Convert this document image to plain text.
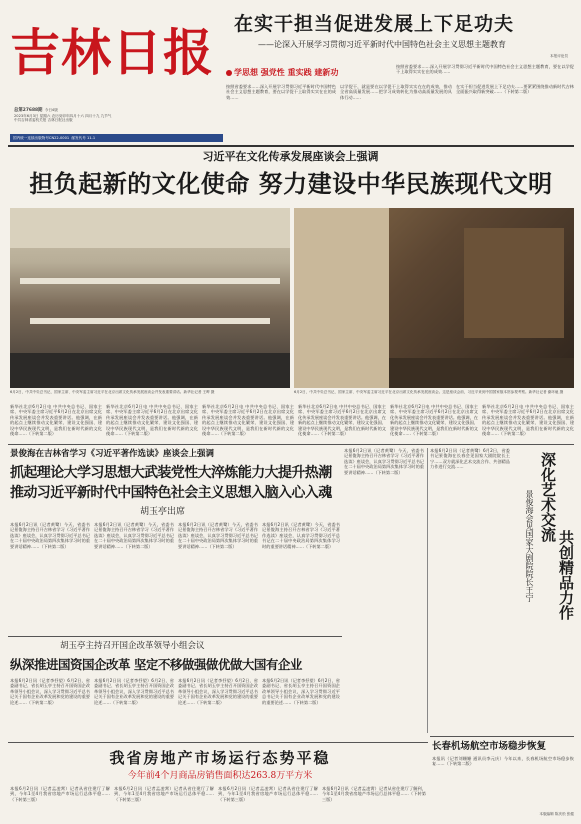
吉林日报
总第27688期 今日4版
2023年6月3日 星期六 农历癸卯年四月十六 四月十九 九节气
中共吉林省委机关报 吉林日报社出版
国内统一连续出版物号CN22-0001 邮发代号 11-1
在实干担当促进发展上下足功夫
——论深入开展学习贯彻习近平新时代中国特色社会主义思想主题教育
本报评论员
学思想 强党性 重实践 建新功
按照省委要求……深入开展学习贯彻习近平新时代中国特色社会主义思想主题教育，要在以学促干上取得实实在在的成效……
以学促干，就是要在以学促干上取得实实在在的成效，推动全省高质量发展……把学习成效转化为推动高质量发展的具体行动……
在实干担当促进发展上下足功夫……要紧紧围绕推动新时代吉林全面振兴取得新突破……（下转第二版）
按照省委要求……深入开展学习贯彻习近平新时代中国特色社会主义思想主题教育，要在以学促干上取得实实在在的成效……
习近平在文化传承发展座谈会上强调
担负起新的文化使命 努力建设中华民族现代文明
6月2日，中共中央总书记、国家主席、中央军委主席习近平在北京出席文化传承发展座谈会并发表重要讲话。新华社记者 王晔 摄	6月2日，中共中央总书记、国家主席、中央军委主席习近平在北京出席文化传承发展座谈会。这是座谈会前，习近平来到中国国家版本馆参观考察。新华社记者 谢环驰 摄
新华社北京6月2日电 中共中央总书记、国家主席、中央军委主席习近平6月2日在北京出席文化传承发展座谈会并发表重要讲话。他强调，在新的起点上继续推动文化繁荣、建设文化强国、建设中华民族现代文明，是我们在新时代新的文化使命……（下转第二版）
新华社北京6月2日电 中共中央总书记、国家主席、中央军委主席习近平6月2日在北京出席文化传承发展座谈会并发表重要讲话。他强调，在新的起点上继续推动文化繁荣、建设文化强国、建设中华民族现代文明，是我们在新时代新的文化使命……（下转第二版）
新华社北京6月2日电 中共中央总书记、国家主席、中央军委主席习近平6月2日在北京出席文化传承发展座谈会并发表重要讲话。他强调，在新的起点上继续推动文化繁荣、建设文化强国、建设中华民族现代文明，是我们在新时代新的文化使命……（下转第二版）
新华社北京6月2日电 中共中央总书记、国家主席、中央军委主席习近平6月2日在北京出席文化传承发展座谈会并发表重要讲话。他强调，在新的起点上继续推动文化繁荣、建设文化强国、建设中华民族现代文明，是我们在新时代新的文化使命……（下转第二版）
新华社北京6月2日电 中共中央总书记、国家主席、中央军委主席习近平6月2日在北京出席文化传承发展座谈会并发表重要讲话。他强调，在新的起点上继续推动文化繁荣、建设文化强国、建设中华民族现代文明，是我们在新时代新的文化使命……（下转第二版）
新华社北京6月2日电 中共中央总书记、国家主席、中央军委主席习近平6月2日在北京出席文化传承发展座谈会并发表重要讲话。他强调，在新的起点上继续推动文化繁荣、建设文化强国、建设中华民族现代文明，是我们在新时代新的文化使命……（下转第二版）
景俊海在吉林省学习《习近平著作选读》座谈会上强调
抓起理论大学习思想大武装党性大淬炼能力大提升热潮
推动习近平新时代中国特色社会主义思想入脑入心入魂
胡玉亭出席
本报6月2日讯（记者黄鹭）今天，省委书记景俊海主持召开吉林省学习《习近平著作选读》座谈会，认真学习贯彻习近平总书记在二十届中央政治局第四次集体学习时的重要讲话精神……（下转第二版）
本报6月2日讯（记者黄鹭）今天，省委书记景俊海主持召开吉林省学习《习近平著作选读》座谈会，认真学习贯彻习近平总书记在二十届中央政治局第四次集体学习时的重要讲话精神……（下转第二版）
本报6月2日讯（记者黄鹭）今天，省委书记景俊海主持召开吉林省学习《习近平著作选读》座谈会，认真学习贯彻习近平总书记在二十届中央政治局第四次集体学习时的重要讲话精神……（下转第二版）
本报6月2日讯（记者黄鹭）今天，省委书记景俊海主持召开吉林省学习《习近平著作选读》座谈会，认真学习贯彻习近平总书记在二十届中央政治局第四次集体学习时的重要讲话精神……（下转第二版）
本报6月2日讯（记者黄鹭）今天，省委书记景俊海主持召开吉林省学习《习近平著作选读》座谈会，认真学习贯彻习近平总书记在二十届中央政治局第四次集体学习时的重要讲话精神……（下转第二版）
本报6月2日讯（记者黄鹭）6月2日，省委书记景俊海在长春会见国家大剧院院长王宁……双方就深化艺术交流合作、共创精品力作进行交流……	深化艺术交流
景俊海会见国家大剧院院长王宁 共创精品力作
胡玉亭主持召开国企改革领导小组会议
纵深推进国资国企改革 坚定不移做强做优做大国有企业
本报6月2日讯（记者李抒望）6月2日，省委副书记、省长胡玉亭主持召开国资国企改革领导小组会议，深入学习贯彻习近平总书记关于国有企业改革发展和党的建设的重要论述……（下转第二版）
本报6月2日讯（记者李抒望）6月2日，省委副书记、省长胡玉亭主持召开国资国企改革领导小组会议，深入学习贯彻习近平总书记关于国有企业改革发展和党的建设的重要论述……（下转第二版）
本报6月2日讯（记者李抒望）6月2日，省委副书记、省长胡玉亭主持召开国资国企改革领导小组会议，深入学习贯彻习近平总书记关于国有企业改革发展和党的建设的重要论述……（下转第二版）
本报6月2日讯（记者李抒望）6月2日，省委副书记、省长胡玉亭主持召开国资国企改革领导小组会议，深入学习贯彻习近平总书记关于国有企业改革发展和党的建设的重要论述……（下转第二版）
长春机场航空市场稳步恢复
本报讯（记者刘姗姗 通讯员李元庆）今年以来，长春机场航空市场稳步恢复……（下转第二版）
本版编辑 陈庆松 张健
我省房地产市场运行态势平稳
今年前4个月商品房销售面积达263.8万平方米
本报6月2日讯（记者孟凌霄）记者从省住建厅了解到，今年1至4月我省房地产市场运行总体平稳……（下转第三版）
本报6月2日讯（记者孟凌霄）记者从省住建厅了解到，今年1至4月我省房地产市场运行总体平稳……（下转第三版）
本报6月2日讯（记者孟凌霄）记者从省住建厅了解到，今年1至4月我省房地产市场运行总体平稳……（下转第三版）
本报6月2日讯（记者孟凌霄）记者从省住建厅了解到，今年1至4月我省房地产市场运行总体平稳……（下转第三版）
